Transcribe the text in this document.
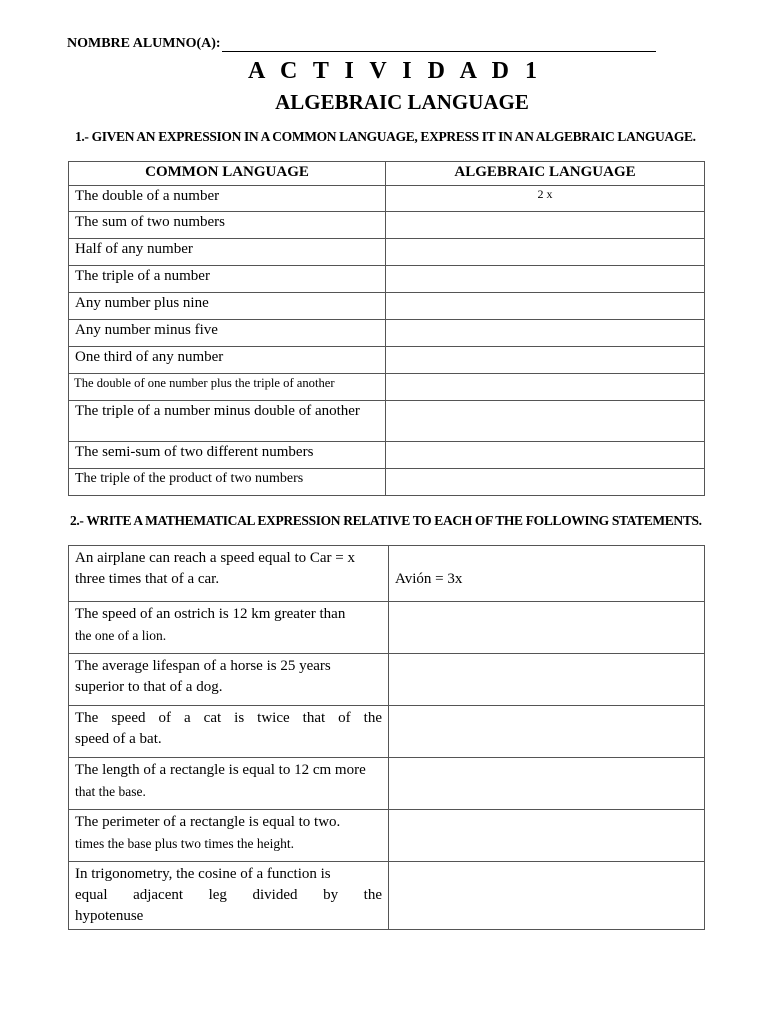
NOMBRE ALUMNO(A):
A C T I V I D A D 1
ALGEBRAIC LANGUAGE
1.- GIVEN AN EXPRESSION IN A COMMON LANGUAGE, EXPRESS IT IN AN ALGEBRAIC LANGUAGE.
COMMON LANGUAGE	ALGEBRAIC LANGUAGE
The double of a number	2 x
The sum of two numbers	
Half of any number	
The triple of a number	
Any number plus nine	
Any number minus five	
One third of any number	
The double of one number plus the triple of another	
The triple of a number minus double of another	
The semi-sum of two different numbers	
The triple of the product of two numbers	
2.- WRITE A MATHEMATICAL EXPRESSION RELATIVE TO EACH OF THE FOLLOWING STATEMENTS.
An airplane can reach a speed equal to Car = x
three times that of a car.	Avión = 3x

The speed of an ostrich is 12 km greater than
the one of a lion.	

The average lifespan of a horse is 25 years
superior to that of a dog.	

The speed of a cat is twice that of the
speed of a bat.	

The length of a rectangle is equal to 12 cm more
that the base.	

The perimeter of a rectangle is equal to two.
times the base plus two times the height.	

In trigonometry, the cosine of a function is
equal adjacent leg divided by the
hypotenuse	
